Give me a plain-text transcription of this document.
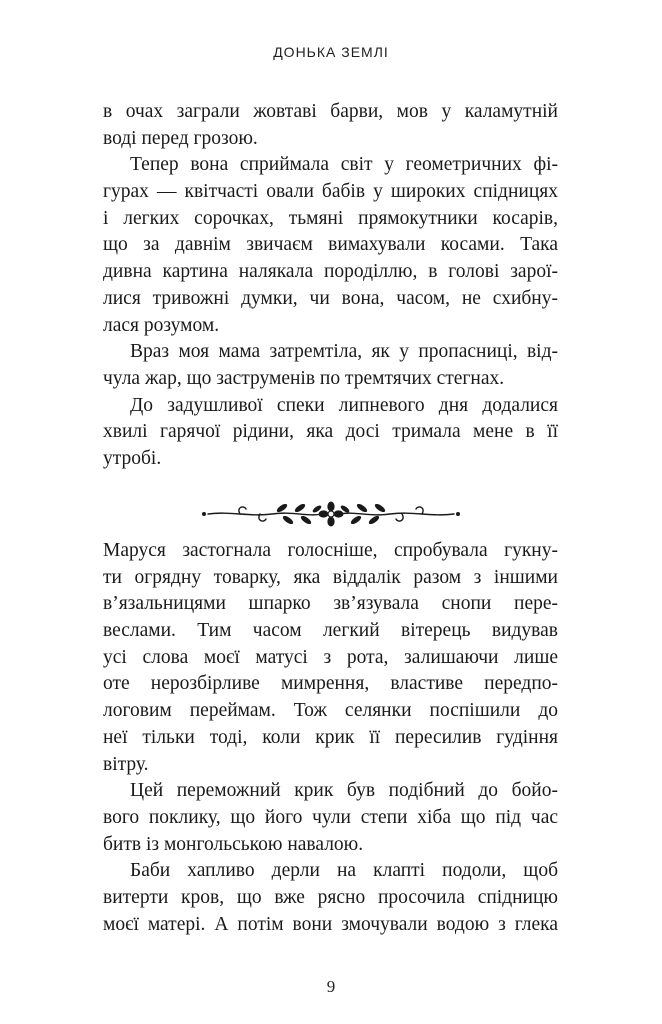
ДОНЬКА ЗЕМЛІ
в очах заграли жовтаві барви, мов у каламутній
воді перед грозою.
Тепер вона сприймала світ у геометричних фі-
гурах — квітчасті овали бабів у широких спідницях
і легких сорочках, тьмяні прямокутники косарів,
що за давнім звичаєм вимахували косами. Така
дивна картина налякала породіллю, в голові зарої-
лися тривожні думки, чи вона, часом, не схибну-
лася розумом.
Враз моя мама затремтіла, як у пропасниці, від-
чула жар, що заструменів по тремтячих стегнах.
До задушливої спеки липневого дня додалися
хвилі гарячої рідини, яка досі тримала мене в її
утробі.
Маруся застогнала голосніше, спробувала гукну-
ти огрядну товарку, яка віддалік разом з іншими
в’язальницями шпарко зв’язувала снопи пере-
веслами. Тим часом легкий вітерець видував
усі слова моєї матусі з рота, залишаючи лише
оте нерозбірливе мимрення, властиве передпо-
логовим переймам. Тож селянки поспішили до
неї тільки тоді, коли крик її пересилив гудіння
вітру.
Цей переможний крик був подібний до бойо-
вого поклику, що його чули степи хіба що під час
битв із монгольською навалою.
Баби хапливо дерли на клапті подоли, щоб
витерти кров, що вже рясно просочила спідницю
моєї матері. А потім вони змочували водою з глека
9
